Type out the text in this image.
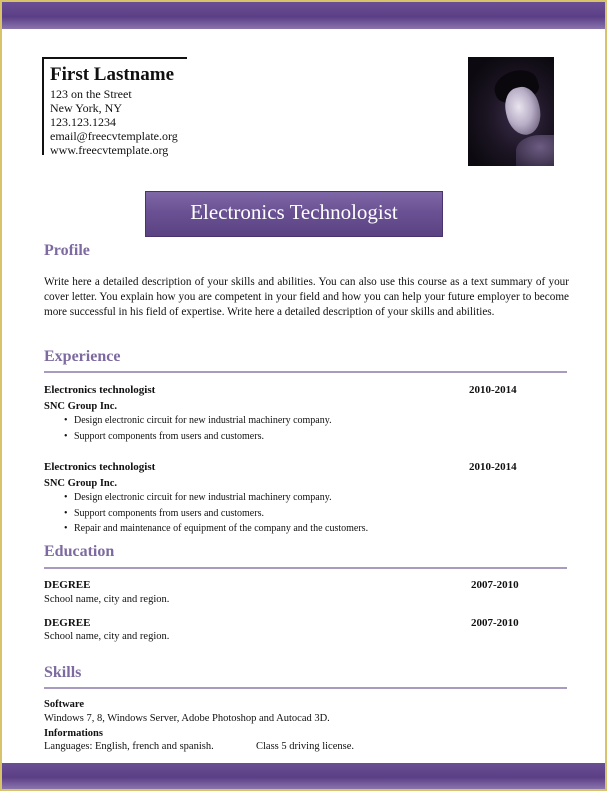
First Lastname
123 on the Street
New York, NY
123.123.1234
email@freecvtemplate.org
www.freecvtemplate.org
Electronics Technologist
Profile
Write here a detailed description of your skills and abilities. You can also use this course as a text summary of your cover letter. You explain how you are competent in your field and how you can help your future employer to become more successful in his field of expertise. Write here a detailed description of your skills and abilities.
Experience
Electronics technologist	2010-2014
SNC Group Inc.
• Design electronic circuit for new industrial machinery company.
• Support components from users and customers.
Electronics technologist	2010-2014
SNC Group Inc.
• Design electronic circuit for new industrial machinery company.
• Support components from users and customers.
• Repair and maintenance of equipment of the company and the customers.
Education
DEGREE	2007-2010
School name, city and region.
DEGREE	2007-2010
School name, city and region.
Skills
Software
Windows 7, 8, Windows Server, Adobe Photoshop and Autocad 3D.
Informations
Languages: English, french and spanish.	Class 5 driving license.
